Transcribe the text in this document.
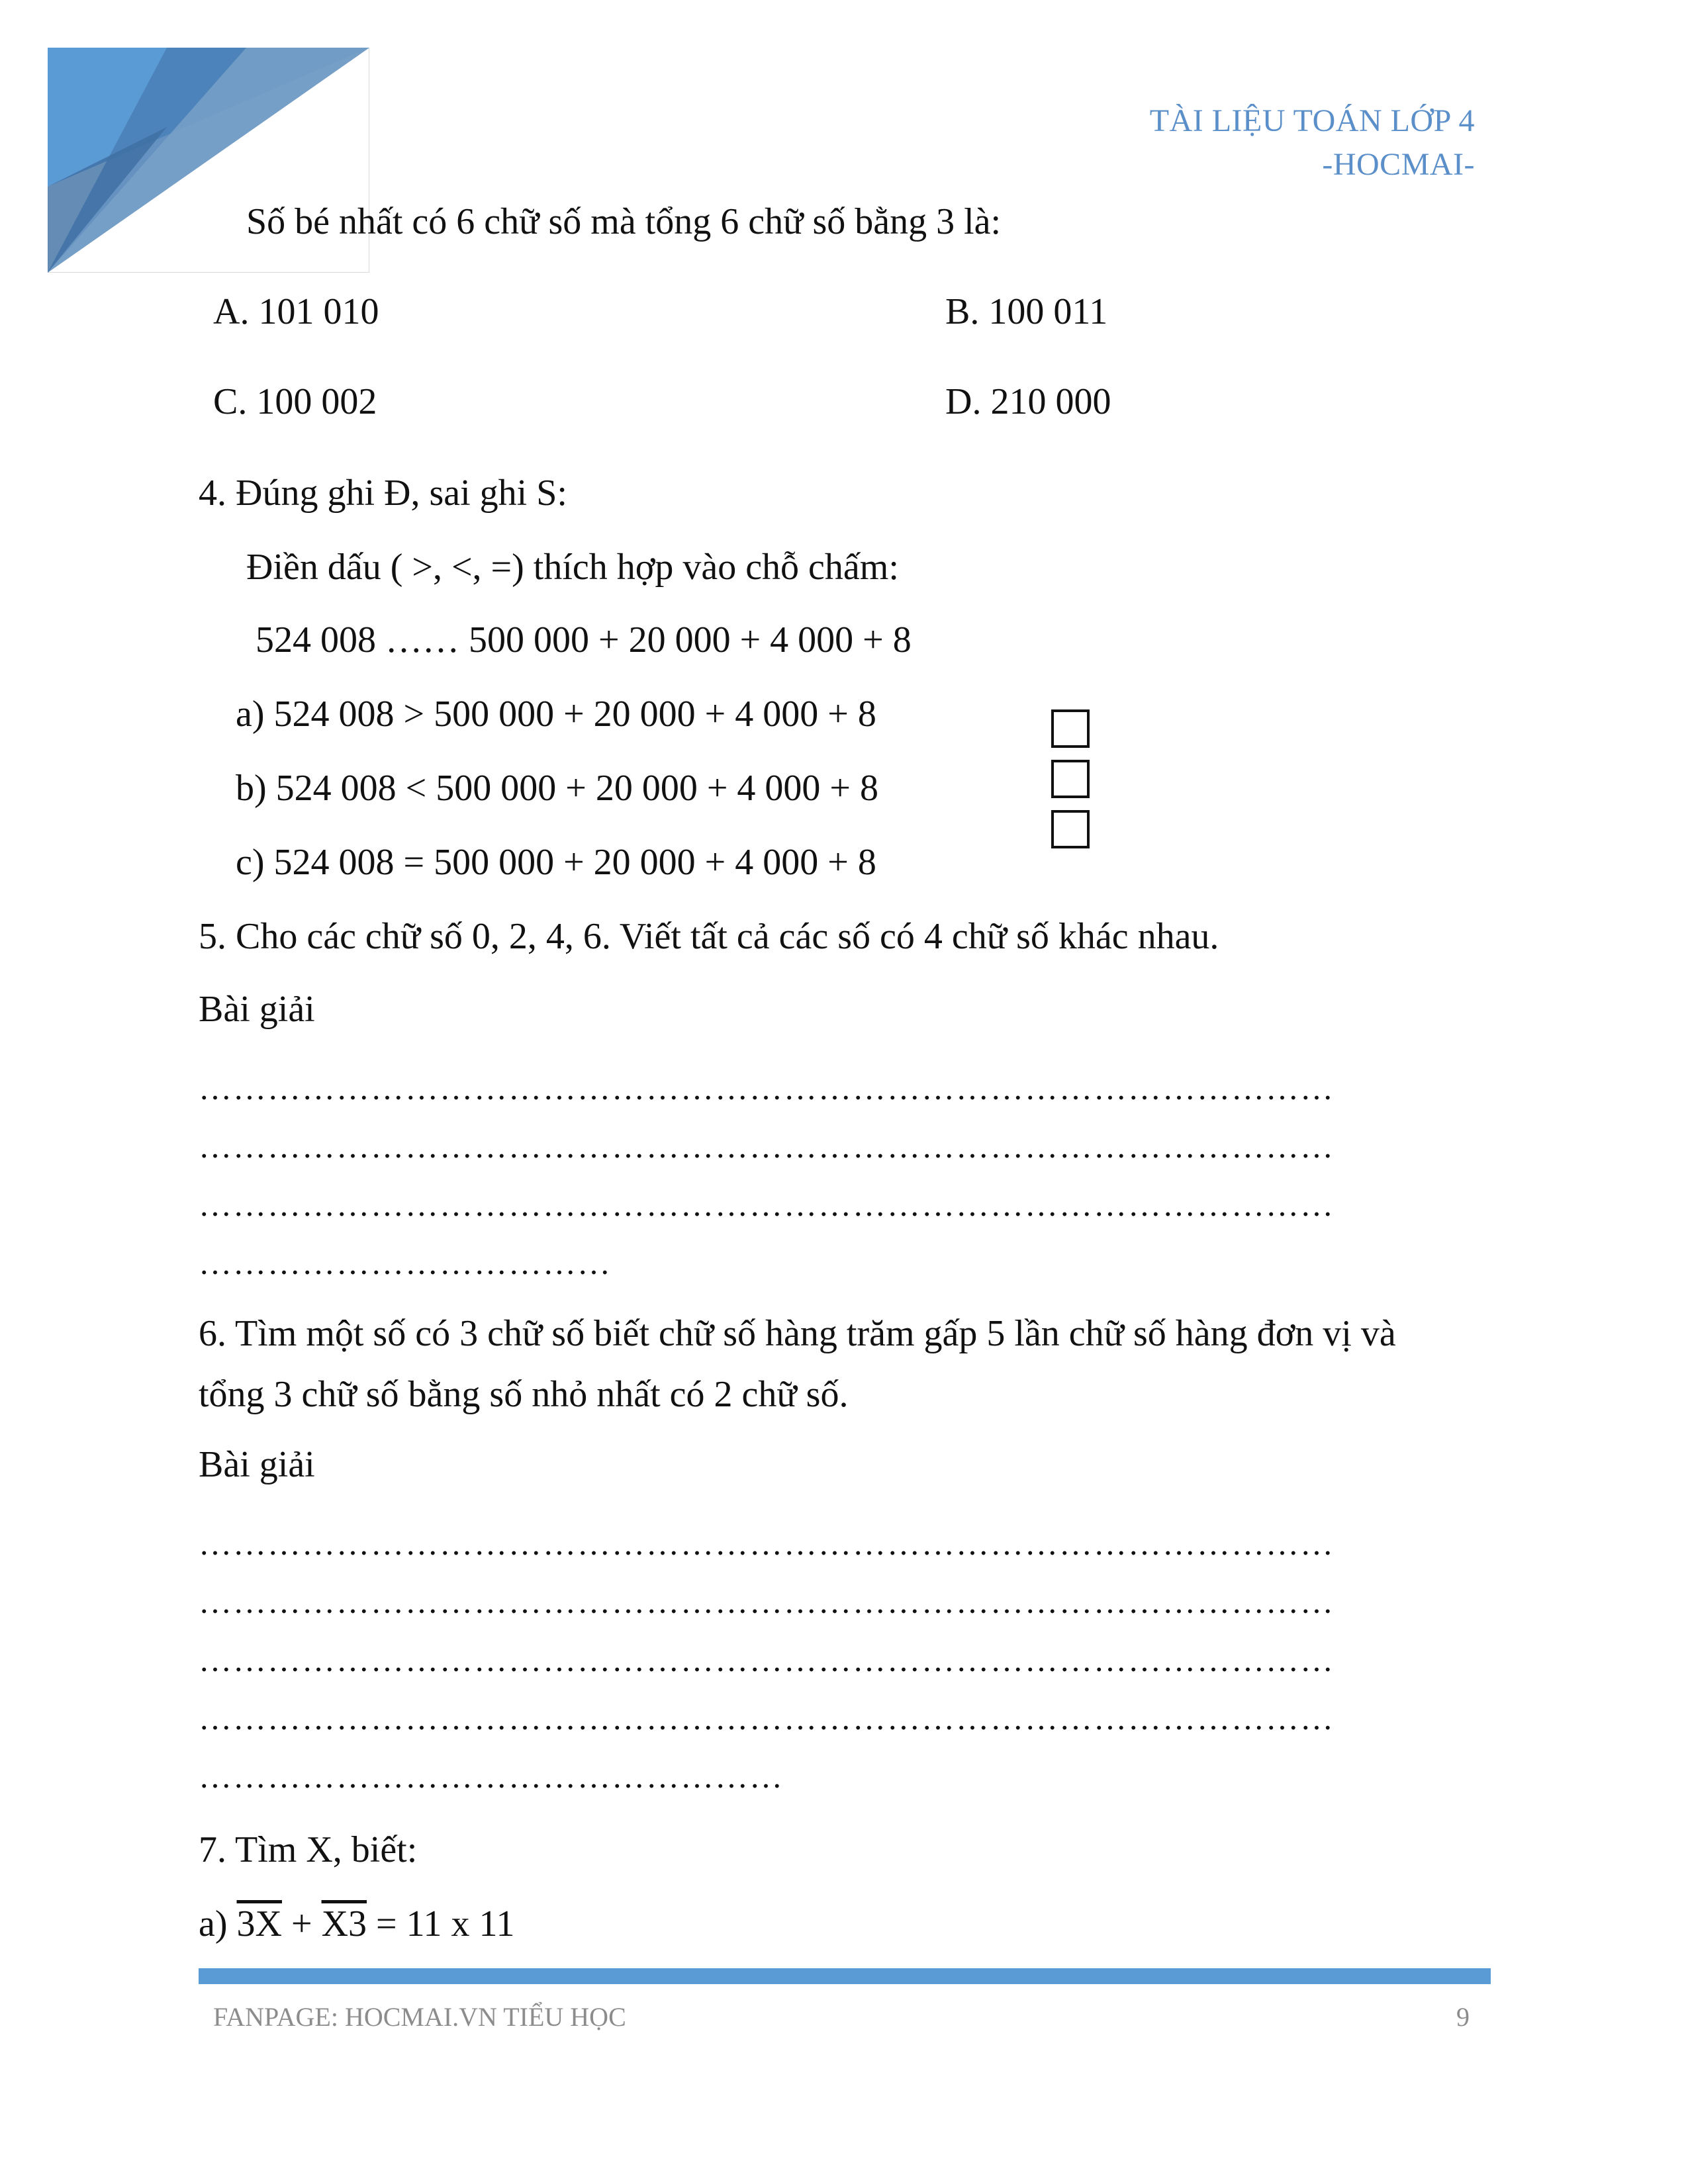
TÀI LIỆU TOÁN LỚP 4
-HOCMAI-
Số bé nhất có 6 chữ số mà tổng 6 chữ số bằng 3 là:
A. 101 010	B. 100 011
C. 100 002	D. 210 000
4. Đúng ghi Đ, sai ghi S:
Điền dấu ( >, <, =) thích hợp vào chỗ chấm:
524 008 …… 500 000 + 20 000 + 4 000 + 8
a) 524 008 > 500 000 + 20 000 + 4 000 + 8
b) 524 008 < 500 000 + 20 000 + 4 000 + 8
c) 524 008 = 500 000 + 20 000 + 4 000 + 8
5. Cho các chữ số 0, 2, 4, 6. Viết tất cả các số có 4 chữ số khác nhau.
Bài giải
………………………………………………………………………………………
………………………………………………………………………………………
………………………………………………………………………………………
………………………………
6. Tìm một số có 3 chữ số biết chữ số hàng trăm gấp 5 lần chữ số hàng đơn vị và
tổng 3 chữ số bằng số nhỏ nhất có 2 chữ số.
Bài giải
………………………………………………………………………………………
………………………………………………………………………………………
………………………………………………………………………………………
………………………………………………………………………………………
……………………………………………
7. Tìm X, biết:
a) 3X + X3 = 11 x 11
FANPAGE: HOCMAI.VN TIỂU HỌC	9
